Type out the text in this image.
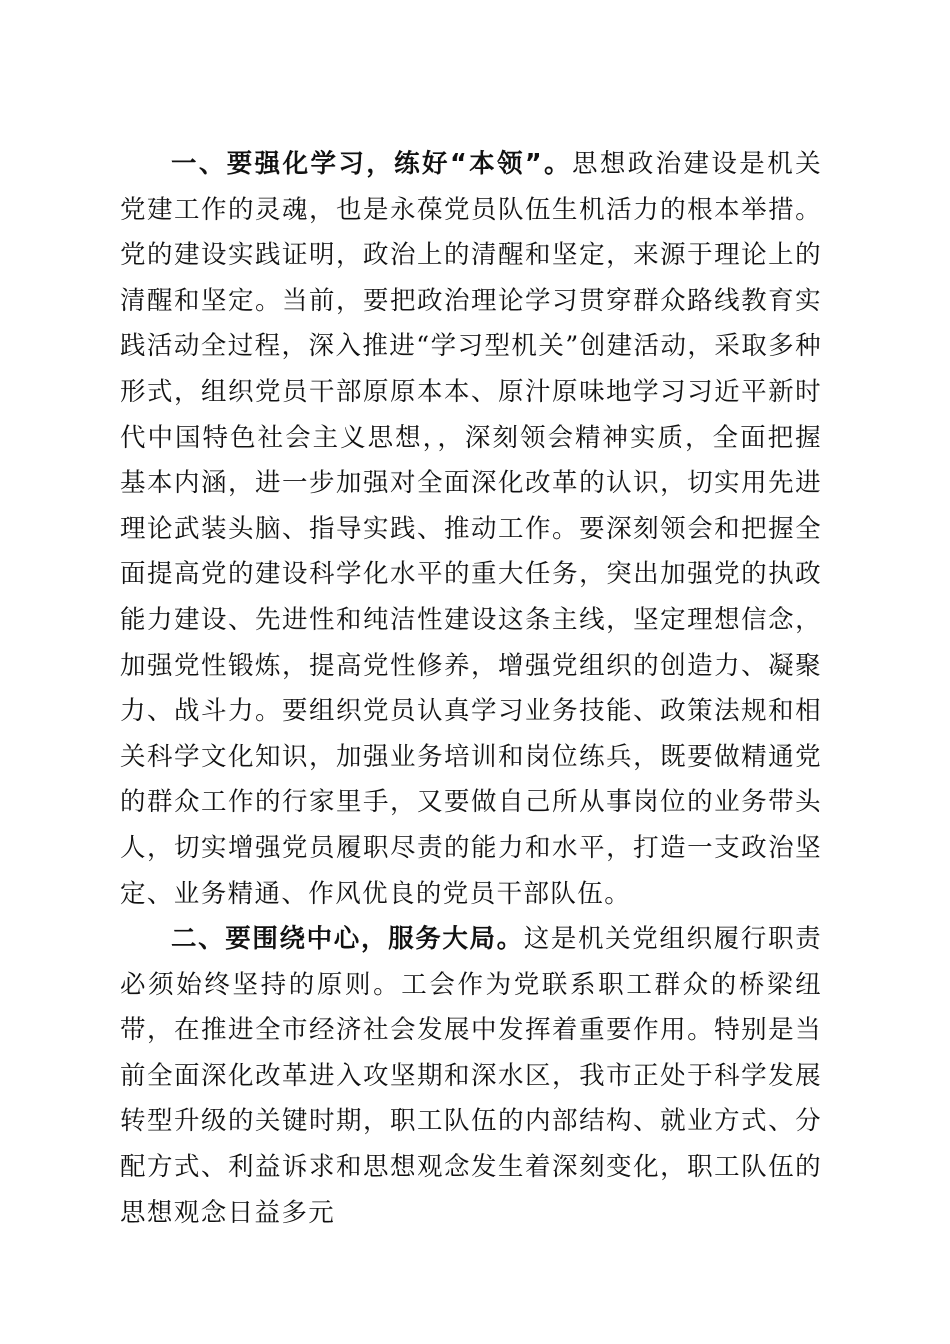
一、要强化学习，练好“本领”。思想政治建设是机关党建工作的灵魂，也是永葆党员队伍生机活力的根本举措。党的建设实践证明，政治上的清醒和坚定，来源于理论上的清醒和坚定。当前，要把政治理论学习贯穿群众路线教育实践活动全过程，深入推进“学习型机关”创建活动，采取多种形式，组织党员干部原原本本、原汁原味地学习习近平新时代中国特色社会主义思想，，深刻领会精神实质，全面把握基本内涵，进一步加强对全面深化改革的认识，切实用先进理论武装头脑、指导实践、推动工作。要深刻领会和把握全面提高党的建设科学化水平的重大任务，突出加强党的执政能力建设、先进性和纯洁性建设这条主线，坚定理想信念，加强党性锻炼，提高党性修养，增强党组织的创造力、凝聚力、战斗力。要组织党员认真学习业务技能、政策法规和相关科学文化知识，加强业务培训和岗位练兵，既要做精通党的群众工作的行家里手，又要做自己所从事岗位的业务带头人，切实增强党员履职尽责的能力和水平，打造一支政治坚定、业务精通、作风优良的党员干部队伍。

二、要围绕中心，服务大局。这是机关党组织履行职责必须始终坚持的原则。工会作为党联系职工群众的桥梁纽带，在推进全市经济社会发展中发挥着重要作用。特别是当前全面深化改革进入攻坚期和深水区，我市正处于科学发展转型升级的关键时期，职工队伍的内部结构、就业方式、分配方式、利益诉求和思想观念发生着深刻变化，职工队伍的思想观念日益多元
